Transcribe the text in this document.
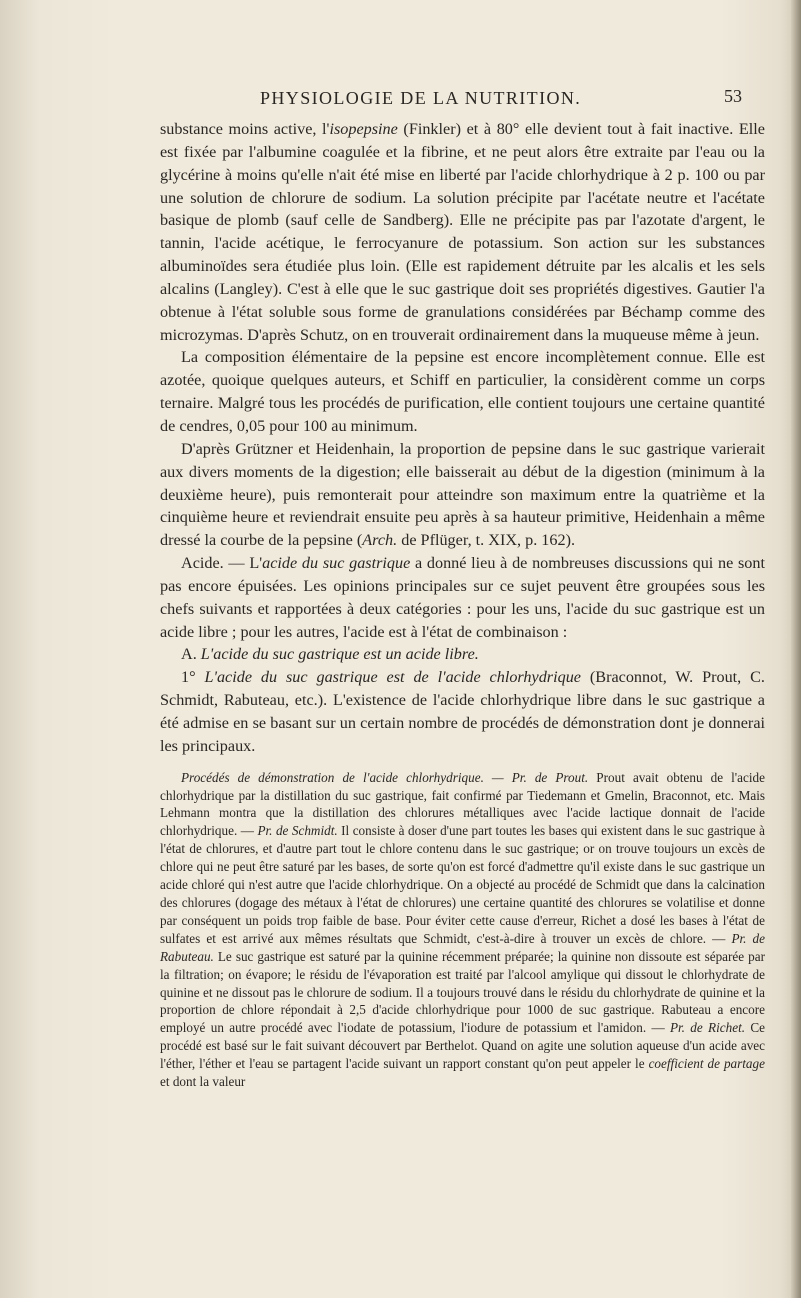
PHYSIOLOGIE DE LA NUTRITION.	53

substance moins active, l'isopepsine (Finkler) et à 80° elle devient tout à fait inactive. Elle est fixée par l'albumine coagulée et la fibrine, et ne peut alors être extraite par l'eau ou la glycérine à moins qu'elle n'ait été mise en liberté par l'acide chlorhydrique à 2 p. 100 ou par une solution de chlorure de sodium. La solution précipite par l'acétate neutre et l'acétate basique de plomb (sauf celle de Sandberg). Elle ne précipite pas par l'azotate d'argent, le tannin, l'acide acétique, le ferrocyanure de potassium. Son action sur les substances albuminoïdes sera étudiée plus loin. (Elle est rapidement détruite par les alcalis et les sels alcalins (Langley). C'est à elle que le suc gastrique doit ses propriétés digestives. Gautier l'a obtenue à l'état soluble sous forme de granulations considérées par Béchamp comme des microzymas. D'après Schutz, on en trouverait ordinairement dans la muqueuse même à jeun.

La composition élémentaire de la pepsine est encore incomplètement connue. Elle est azotée, quoique quelques auteurs, et Schiff en particulier, la considèrent comme un corps ternaire. Malgré tous les procédés de purification, elle contient toujours une certaine quantité de cendres, 0,05 pour 100 au minimum.

D'après Grützner et Heidenhain, la proportion de pepsine dans le suc gastrique varierait aux divers moments de la digestion; elle baisserait au début de la digestion (minimum à la deuxième heure), puis remonterait pour atteindre son maximum entre la quatrième et la cinquième heure et reviendrait ensuite peu après à sa hauteur primitive, Heidenhain a même dressé la courbe de la pepsine (Arch. de Pflüger, t. XIX, p. 162).

Acide. — L'acide du suc gastrique a donné lieu à de nombreuses discussions qui ne sont pas encore épuisées. Les opinions principales sur ce sujet peuvent être groupées sous les chefs suivants et rapportées à deux catégories : pour les uns, l'acide du suc gastrique est un acide libre ; pour les autres, l'acide est à l'état de combinaison :

A. L'acide du suc gastrique est un acide libre.

1° L'acide du suc gastrique est de l'acide chlorhydrique (Braconnot, W. Prout, C. Schmidt, Rabuteau, etc.). L'existence de l'acide chlorhydrique libre dans le suc gastrique a été admise en se basant sur un certain nombre de procédés de démonstration dont je donnerai les principaux.

Procédés de démonstration de l'acide chlorhydrique. — Pr. de Prout. Prout avait obtenu de l'acide chlorhydrique par la distillation du suc gastrique, fait confirmé par Tiedemann et Gmelin, Braconnot, etc. Mais Lehmann montra que la distillation des chlorures métalliques avec l'acide lactique donnait de l'acide chlorhydrique. — Pr. de Schmidt. Il consiste à doser d'une part toutes les bases qui existent dans le suc gastrique à l'état de chlorures, et d'autre part tout le chlore contenu dans le suc gastrique; or on trouve toujours un excès de chlore qui ne peut être saturé par les bases, de sorte qu'on est forcé d'admettre qu'il existe dans le suc gastrique un acide chloré qui n'est autre que l'acide chlorhydrique. On a objecté au procédé de Schmidt que dans la calcination des chlorures (dogage des métaux à l'état de chlorures) une certaine quantité des chlorures se volatilise et donne par conséquent un poids trop faible de base. Pour éviter cette cause d'erreur, Richet a dosé les bases à l'état de sulfates et est arrivé aux mêmes résultats que Schmidt, c'est-à-dire à trouver un excès de chlore. — Pr. de Rabuteau. Le suc gastrique est saturé par la quinine récemment préparée; la quinine non dissoute est séparée par la filtration; on évapore; le résidu de l'évaporation est traité par l'alcool amylique qui dissout le chlorhydrate de quinine et ne dissout pas le chlorure de sodium. Il a toujours trouvé dans le résidu du chlorhydrate de quinine et la proportion de chlore répondait à 2,5 d'acide chlorhydrique pour 1000 de suc gastrique. Rabuteau a encore employé un autre procédé avec l'iodate de potassium, l'iodure de potassium et l'amidon. — Pr. de Richet. Ce procédé est basé sur le fait suivant découvert par Berthelot. Quand on agite une solution aqueuse d'un acide avec l'éther, l'éther et l'eau se partagent l'acide suivant un rapport constant qu'on peut appeler le coefficient de partage et dont la valeur
